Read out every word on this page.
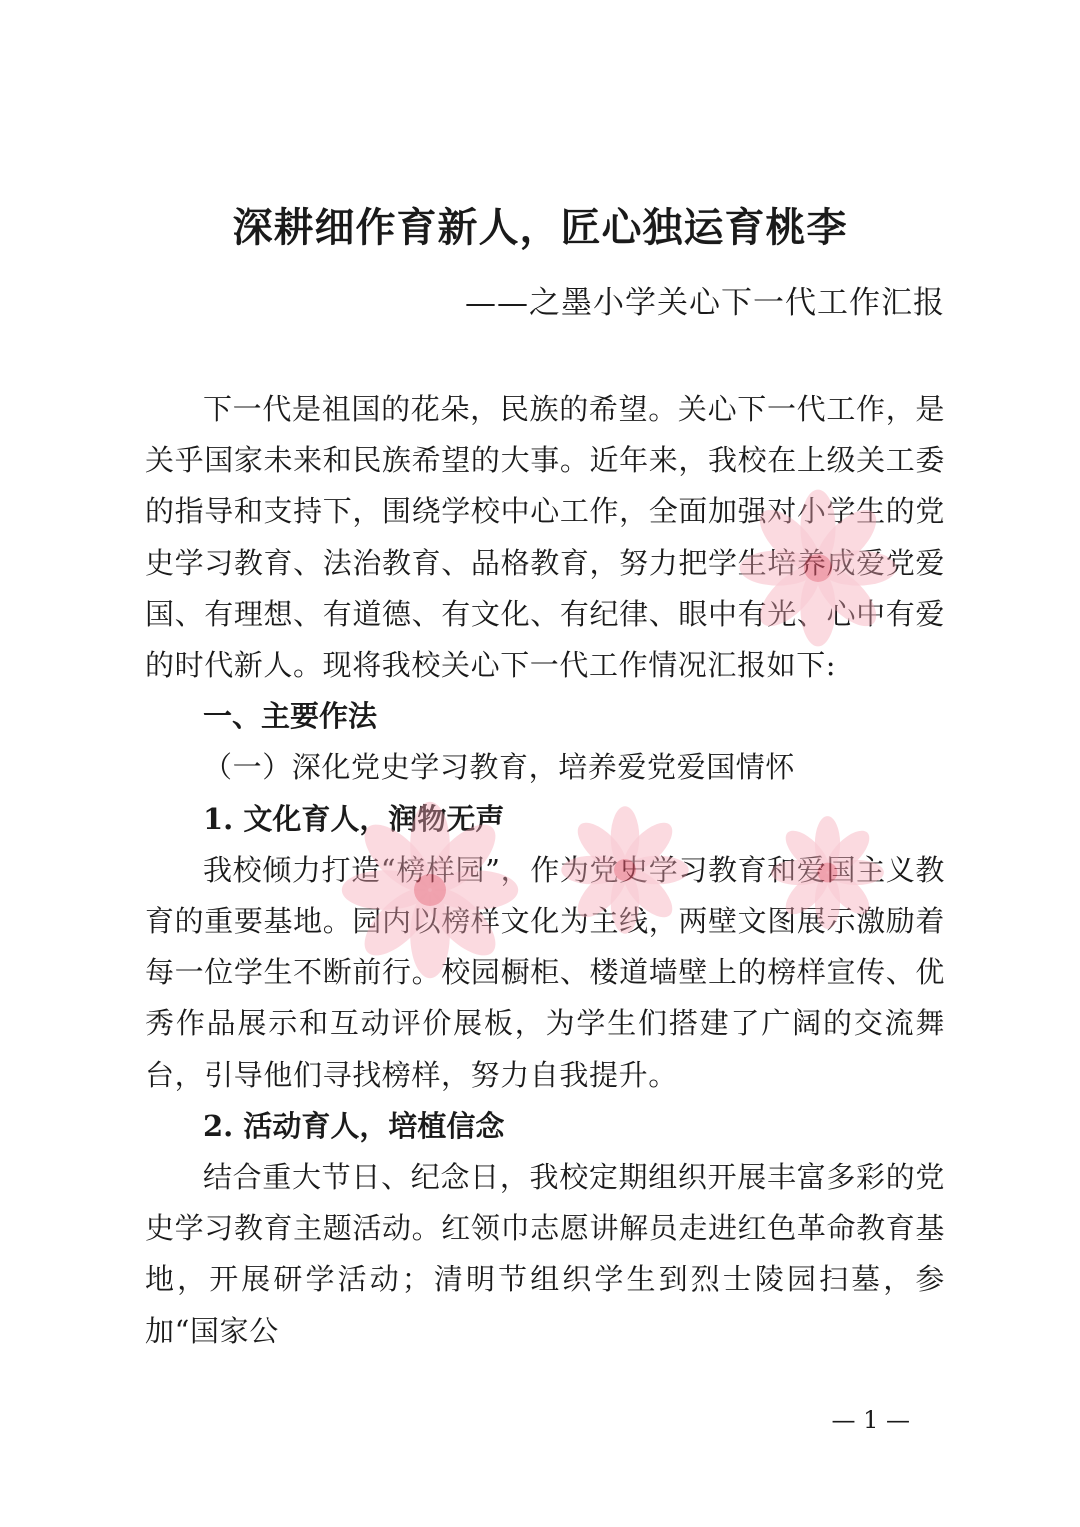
深耕细作育新人，匠心独运育桃李

——之墨小学关心下一代工作汇报

下一代是祖国的花朵，民族的希望。关心下一代工作，是关乎国家未来和民族希望的大事。近年来，我校在上级关工委的指导和支持下，围绕学校中心工作，全面加强对小学生的党史学习教育、法治教育、品格教育，努力把学生培养成爱党爱国、有理想、有道德、有文化、有纪律、眼中有光、心中有爱的时代新人。现将我校关心下一代工作情况汇报如下:

一、主要作法

（一）深化党史学习教育，培养爱党爱国情怀

1. 文化育人，润物无声

我校倾力打造“榜样园”，作为党史学习教育和爱国主义教育的重要基地。园内以榜样文化为主线，两壁文图展示激励着每一位学生不断前行。校园橱柜、楼道墙壁上的榜样宣传、优秀作品展示和互动评价展板，为学生们搭建了广阔的交流舞台，引导他们寻找榜样，努力自我提升。

2. 活动育人，培植信念

结合重大节日、纪念日，我校定期组织开展丰富多彩的党史学习教育主题活动。红领巾志愿讲解员走进红色革命教育基地，开展研学活动；清明节组织学生到烈士陵园扫墓，参加“国家公

— 1 —
